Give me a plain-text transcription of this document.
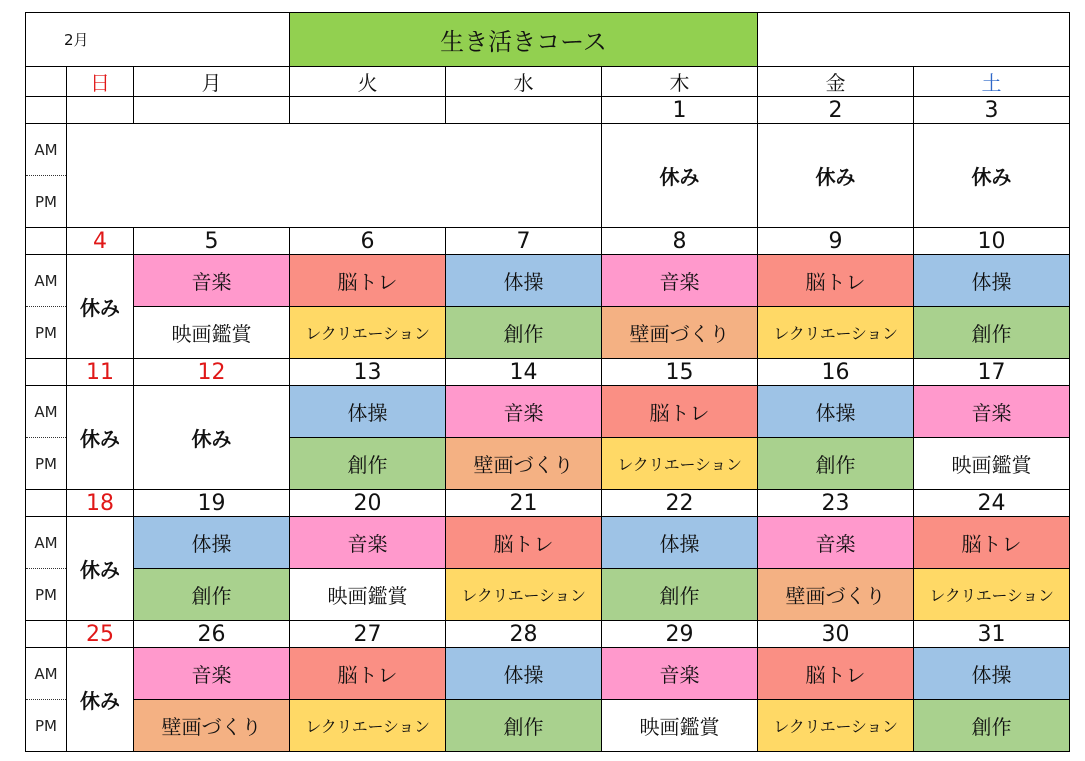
2月			生き活きコース				
	日	月	火	水	木	金	土
					1	2	3
AM					休み	休み	休み
PM							
	4	5	6	7	8	9	10
AM	休み	音楽	脳トレ	体操	音楽	脳トレ	体操
PM		映画鑑賞	レクリエーション	創作	壁画づくり	レクリエーション	創作
	11	12	13	14	15	16	17
AM	休み	休み	体操	音楽	脳トレ	体操	音楽
PM			創作	壁画づくり	レクリエーション	創作	映画鑑賞
	18	19	20	21	22	23	24
AM	休み	体操	音楽	脳トレ	体操	音楽	脳トレ
PM		創作	映画鑑賞	レクリエーション	創作	壁画づくり	レクリエーション
	25	26	27	28	29	30	31
AM	休み	音楽	脳トレ	体操	音楽	脳トレ	体操
PM		壁画づくり	レクリエーション	創作	映画鑑賞	レクリエーション	創作
